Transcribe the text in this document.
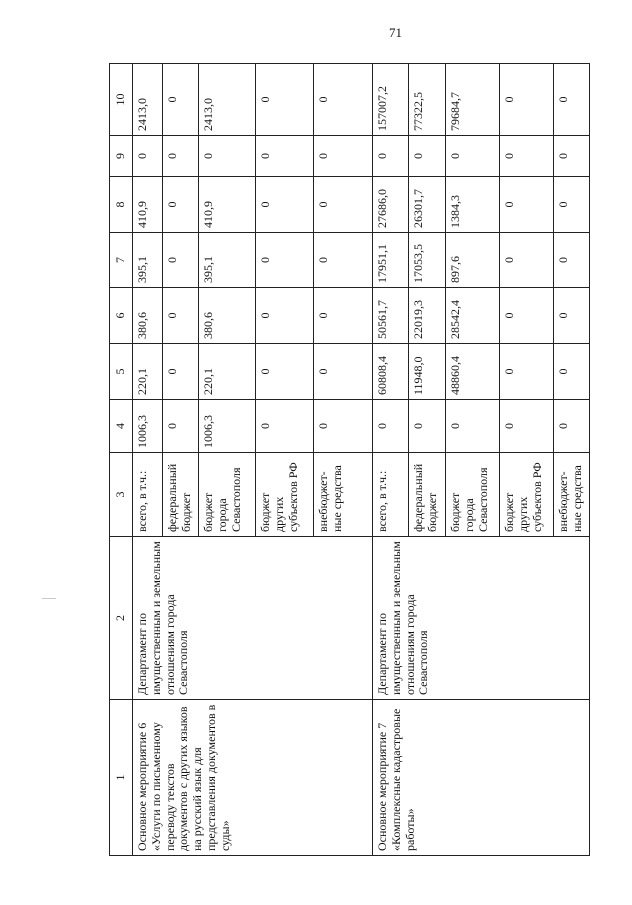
71
1	2	3	4	5	6	7	8	9	10
Основное мероприятие 6 «Услуги по письменному переводу текстов документов с других языков на русский язык для представления документов в суды»	Департамент по имущественным и земельным отношениям города Севастополя	всего, в т.ч.:	1006,3	220,1	380,6	395,1	410,9	0	2413,0
		федеральный бюджет	0	0	0	0	0	0	0
		бюджет города Севастополя	1006,3	220,1	380,6	395,1	410,9	0	2413,0
		бюджет других субъектов РФ	0	0	0	0	0	0	0
		внебюджет-ные средства	0	0	0	0	0	0	0
Основное мероприятие 7 «Комплексные кадастровые работы»	Департамент по имущественным и земельным отношениям города Севастополя	всего, в т.ч.:	0	60808,4	50561,7	17951,1	27686,0	0	157007,2
		федеральный бюджет	0	11948,0	22019,3	17053,5	26301,7	0	77322,5
		бюджет города Севастополя	0	48860,4	28542,4	897,6	1384,3	0	79684,7
		бюджет других субъектов РФ	0	0	0	0	0	0	0
		внебюджет-ные средства	0	0	0	0	0	0	0
